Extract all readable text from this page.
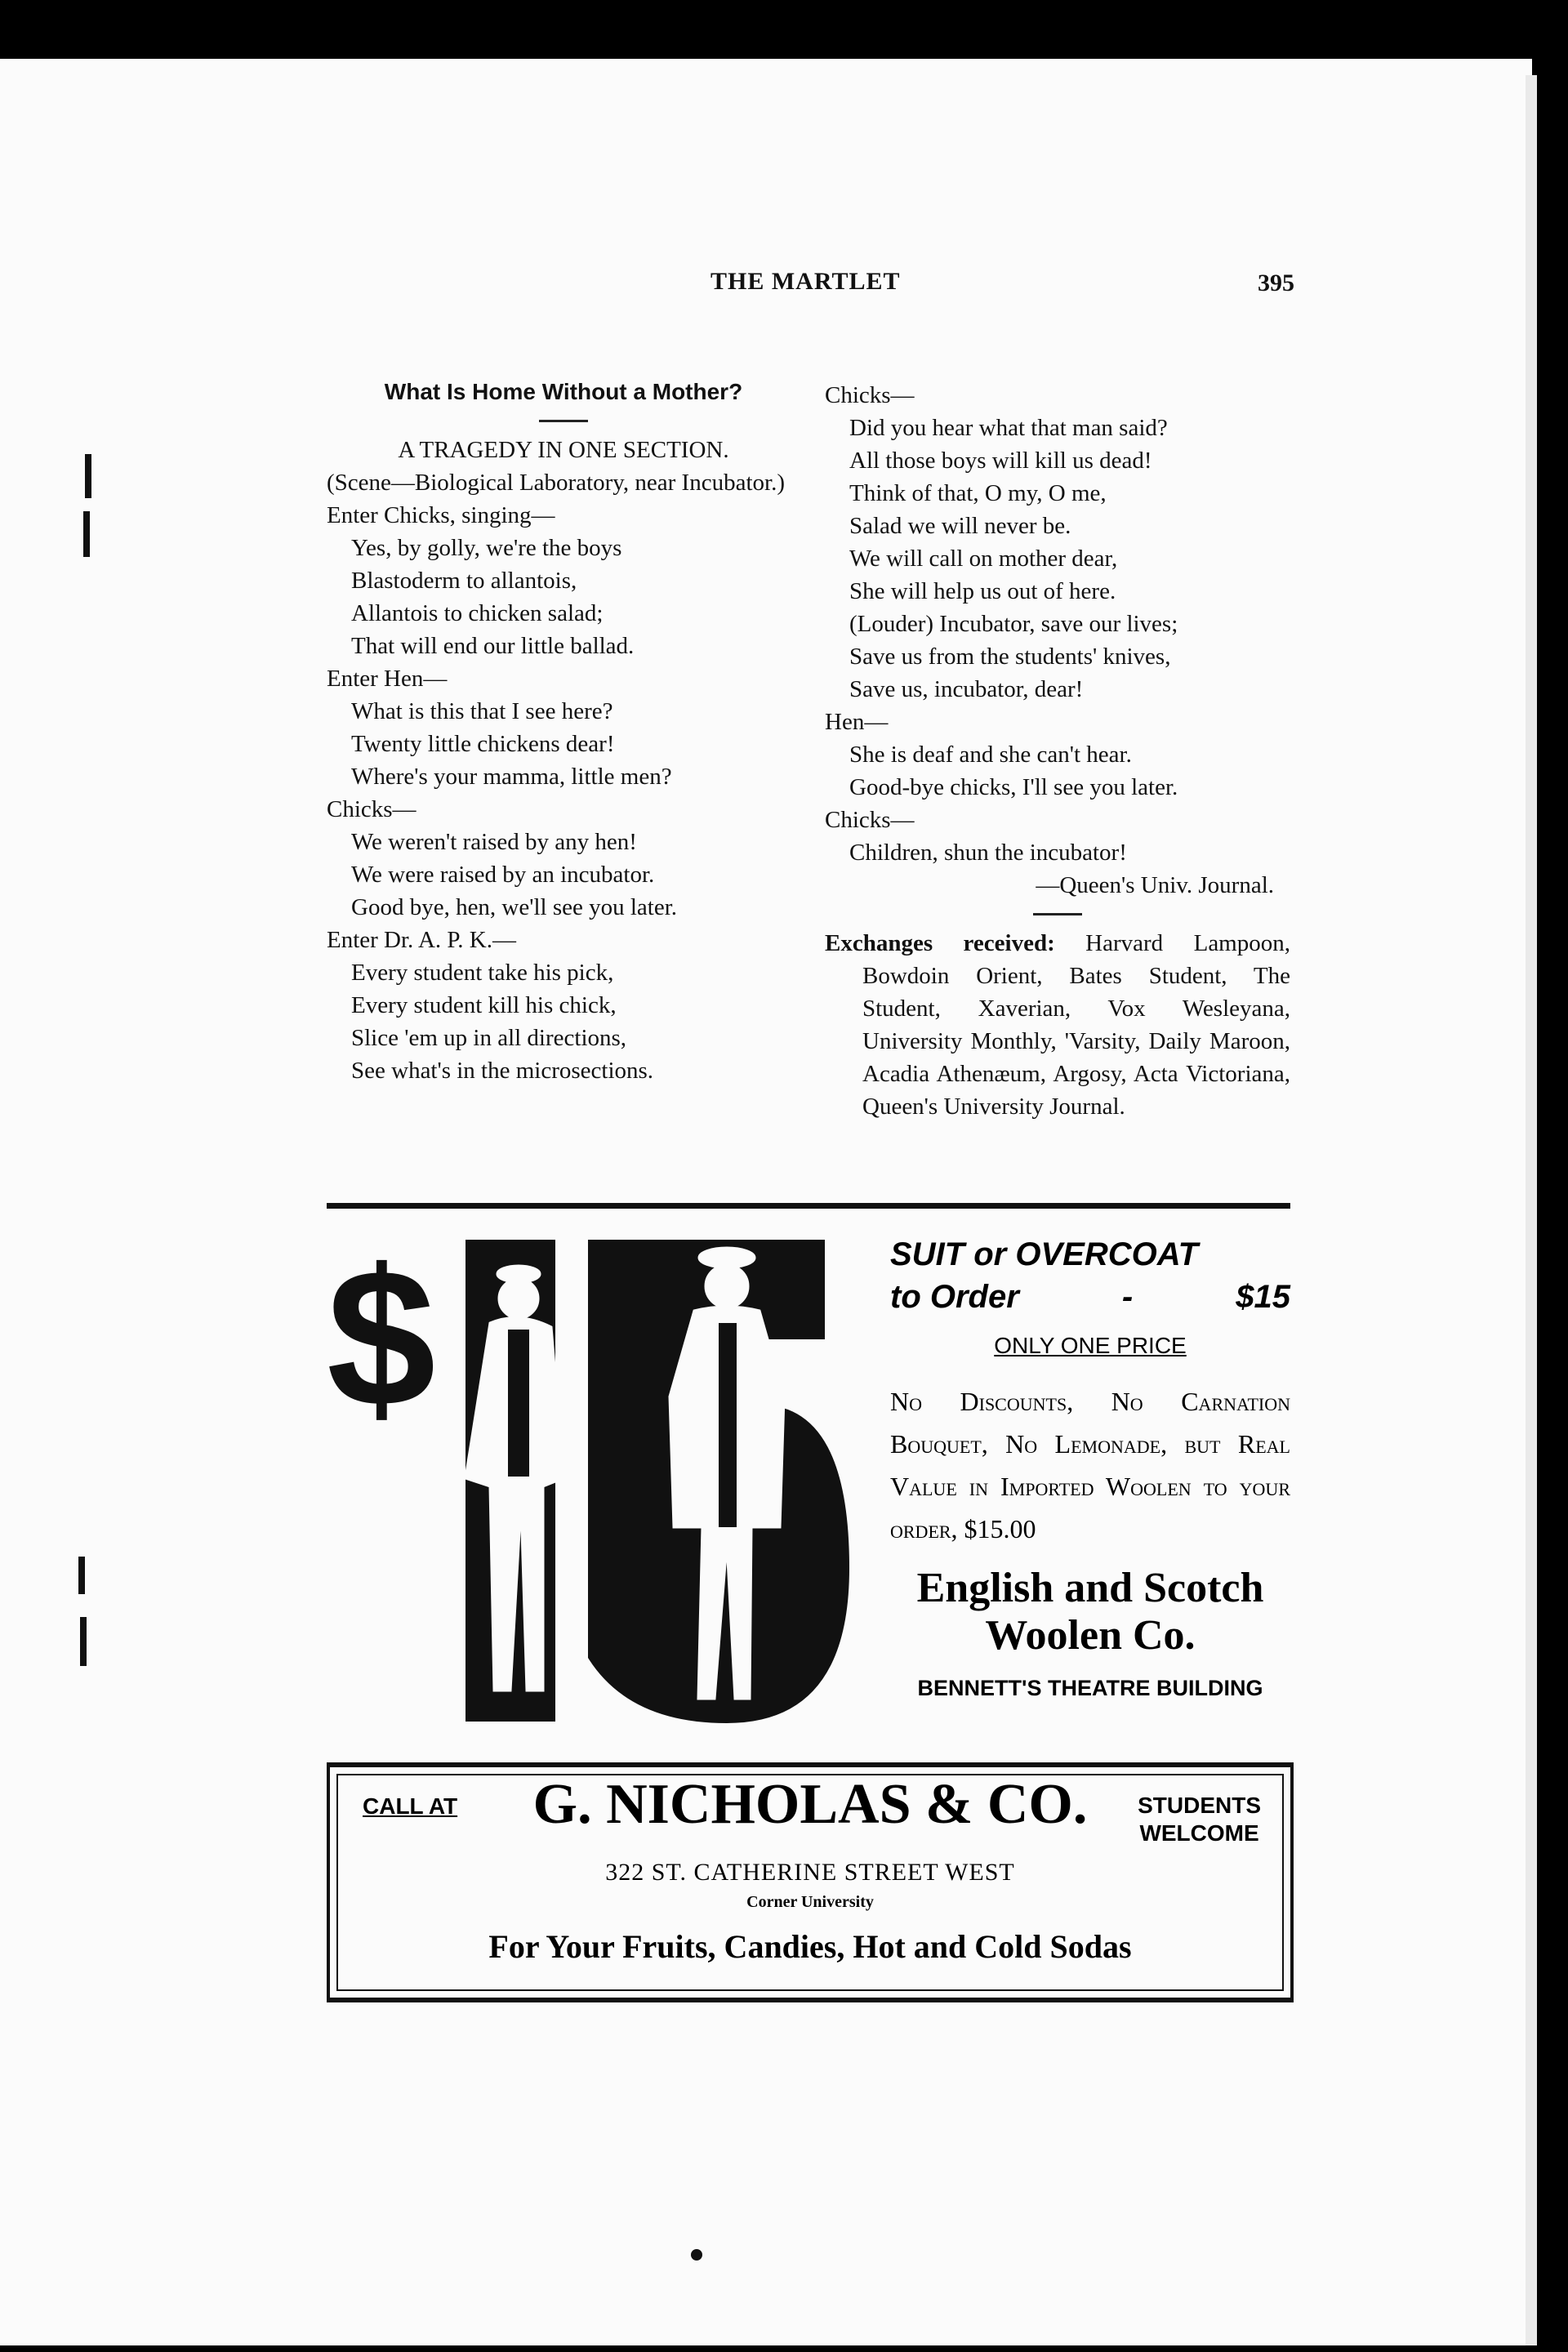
THE MARTLET	395
What Is Home Without a Mother?
A TRAGEDY IN ONE SECTION.
(Scene—Biological Laboratory, near Incubator.)
Enter Chicks, singing—
Yes, by golly, we're the boys
Blastoderm to allantois,
Allantois to chicken salad;
That will end our little ballad.
Enter Hen—
What is this that I see here?
Twenty little chickens dear!
Where's your mamma, little men?
Chicks—
We weren't raised by any hen!
We were raised by an incubator.
Good bye, hen, we'll see you later.
Enter Dr. A. P. K.—
Every student take his pick,
Every student kill his chick,
Slice 'em up in all directions,
See what's in the microsections.
Chicks—
Did you hear what that man said?
All those boys will kill us dead!
Think of that, O my, O me,
Salad we will never be.
We will call on mother dear,
She will help us out of here.
(Louder) Incubator, save our lives;
Save us from the students' knives,
Save us, incubator, dear!
Hen—
She is deaf and she can't hear.
Good-bye chicks, I'll see you later.
Chicks—
Children, shun the incubator!
—Queen's Univ. Journal.
Exchanges received: Harvard Lampoon, Bowdoin Orient, Bates Student, The Student, Xaverian, Vox Wesleyana, University Monthly, 'Varsity, Daily Maroon, Acadia Athenæum, Argosy, Acta Victoriana, Queen's University Journal.
$	SUIT or OVERCOAT
to Order	-	$15
ONLY ONE PRICE
No Discounts, No Carnation Bouquet, No Lemonade, but Real Value in Imported Woolen to your order, $15.00
English and Scotch
Woolen Co.
BENNETT'S THEATRE BUILDING
CALL AT	G. NICHOLAS & CO.	STUDENTS
WELCOME
322 ST. CATHERINE STREET WEST
Corner University
For Your Fruits, Candies, Hot and Cold Sodas
